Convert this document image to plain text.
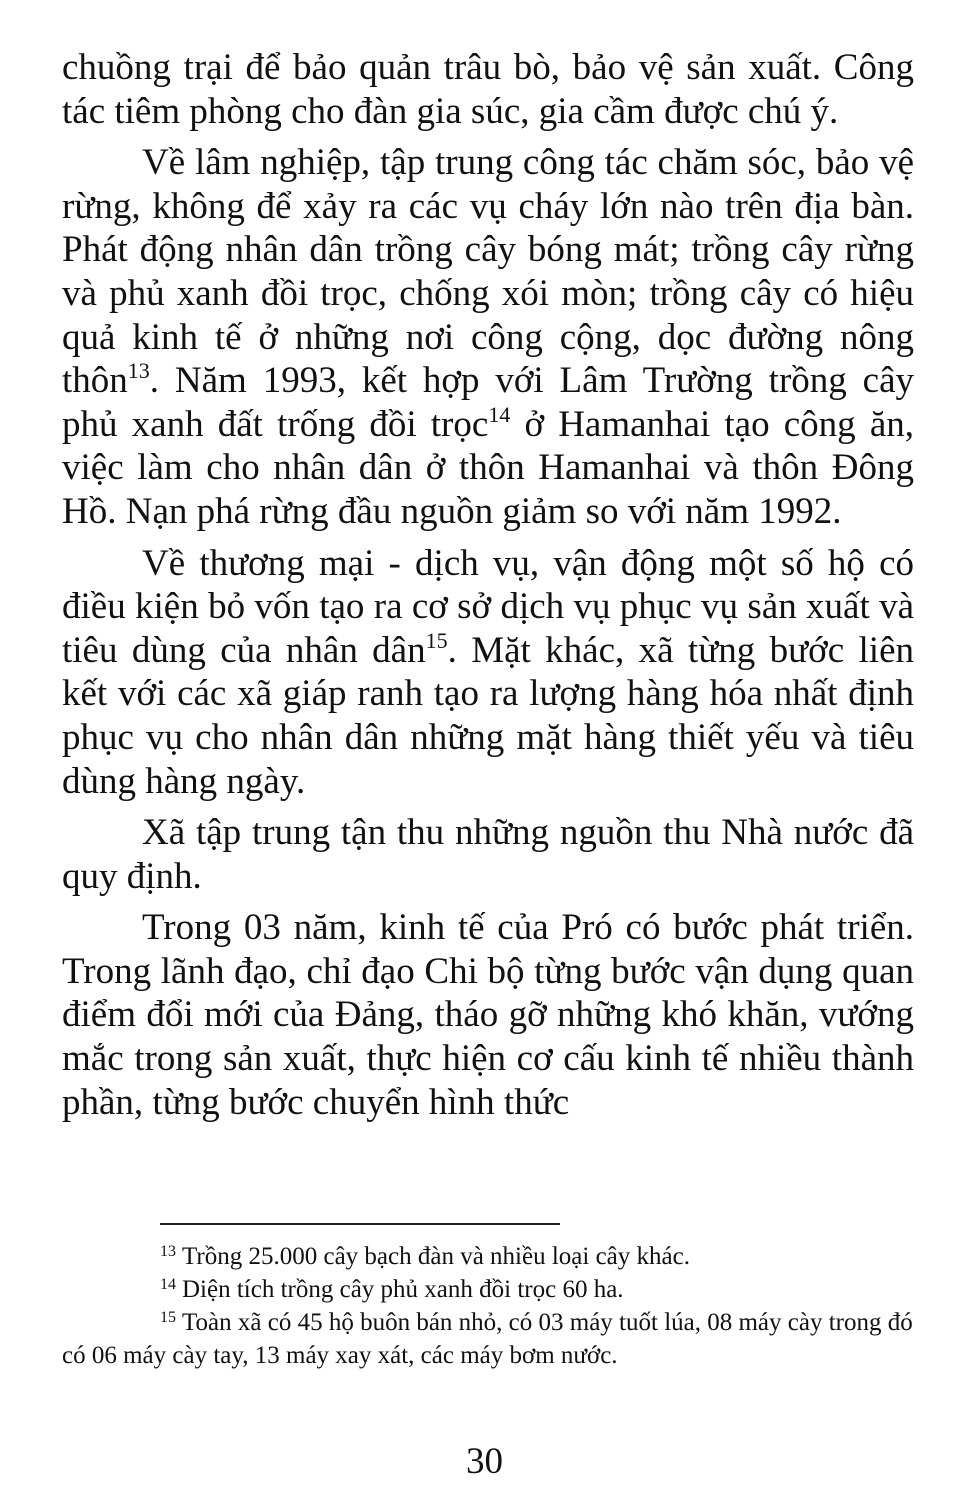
chuồng trại để bảo quản trâu bò, bảo vệ sản xuất. Công tác tiêm phòng cho đàn gia súc, gia cầm được chú ý.

Về lâm nghiệp, tập trung công tác chăm sóc, bảo vệ rừng, không để xảy ra các vụ cháy lớn nào trên địa bàn. Phát động nhân dân trồng cây bóng mát; trồng cây rừng và phủ xanh đồi trọc, chống xói mòn; trồng cây có hiệu quả kinh tế ở những nơi công cộng, dọc đường nông thôn$^{13}$. Năm 1993, kết hợp với Lâm Trường trồng cây phủ xanh đất trống đồi trọc$^{14}$ ở Hamanhai tạo công ăn, việc làm cho nhân dân ở thôn Hamanhai và thôn Đông Hồ. Nạn phá rừng đầu nguồn giảm so với năm 1992.

Về thương mại - dịch vụ, vận động một số hộ có điều kiện bỏ vốn tạo ra cơ sở dịch vụ phục vụ sản xuất và tiêu dùng của nhân dân$^{15}$. Mặt khác, xã từng bước liên kết với các xã giáp ranh tạo ra lượng hàng hóa nhất định phục vụ cho nhân dân những mặt hàng thiết yếu và tiêu dùng hàng ngày.

Xã tập trung tận thu những nguồn thu Nhà nước đã quy định.

Trong 03 năm, kinh tế của Pró có bước phát triển. Trong lãnh đạo, chỉ đạo Chi bộ từng bước vận dụng quan điểm đổi mới của Đảng, tháo gỡ những khó khăn, vướng mắc trong sản xuất, thực hiện cơ cấu kinh tế nhiều thành phần, từng bước chuyển hình thức

$^{13}$ Trồng 25.000 cây bạch đàn và nhiều loại cây khác.

$^{14}$ Diện tích trồng cây phủ xanh đồi trọc 60 ha.

$^{15}$ Toàn xã có 45 hộ buôn bán nhỏ, có 03 máy tuốt lúa, 08 máy cày trong đó có 06 máy cày tay, 13 máy xay xát, các máy bơm nước.

30
